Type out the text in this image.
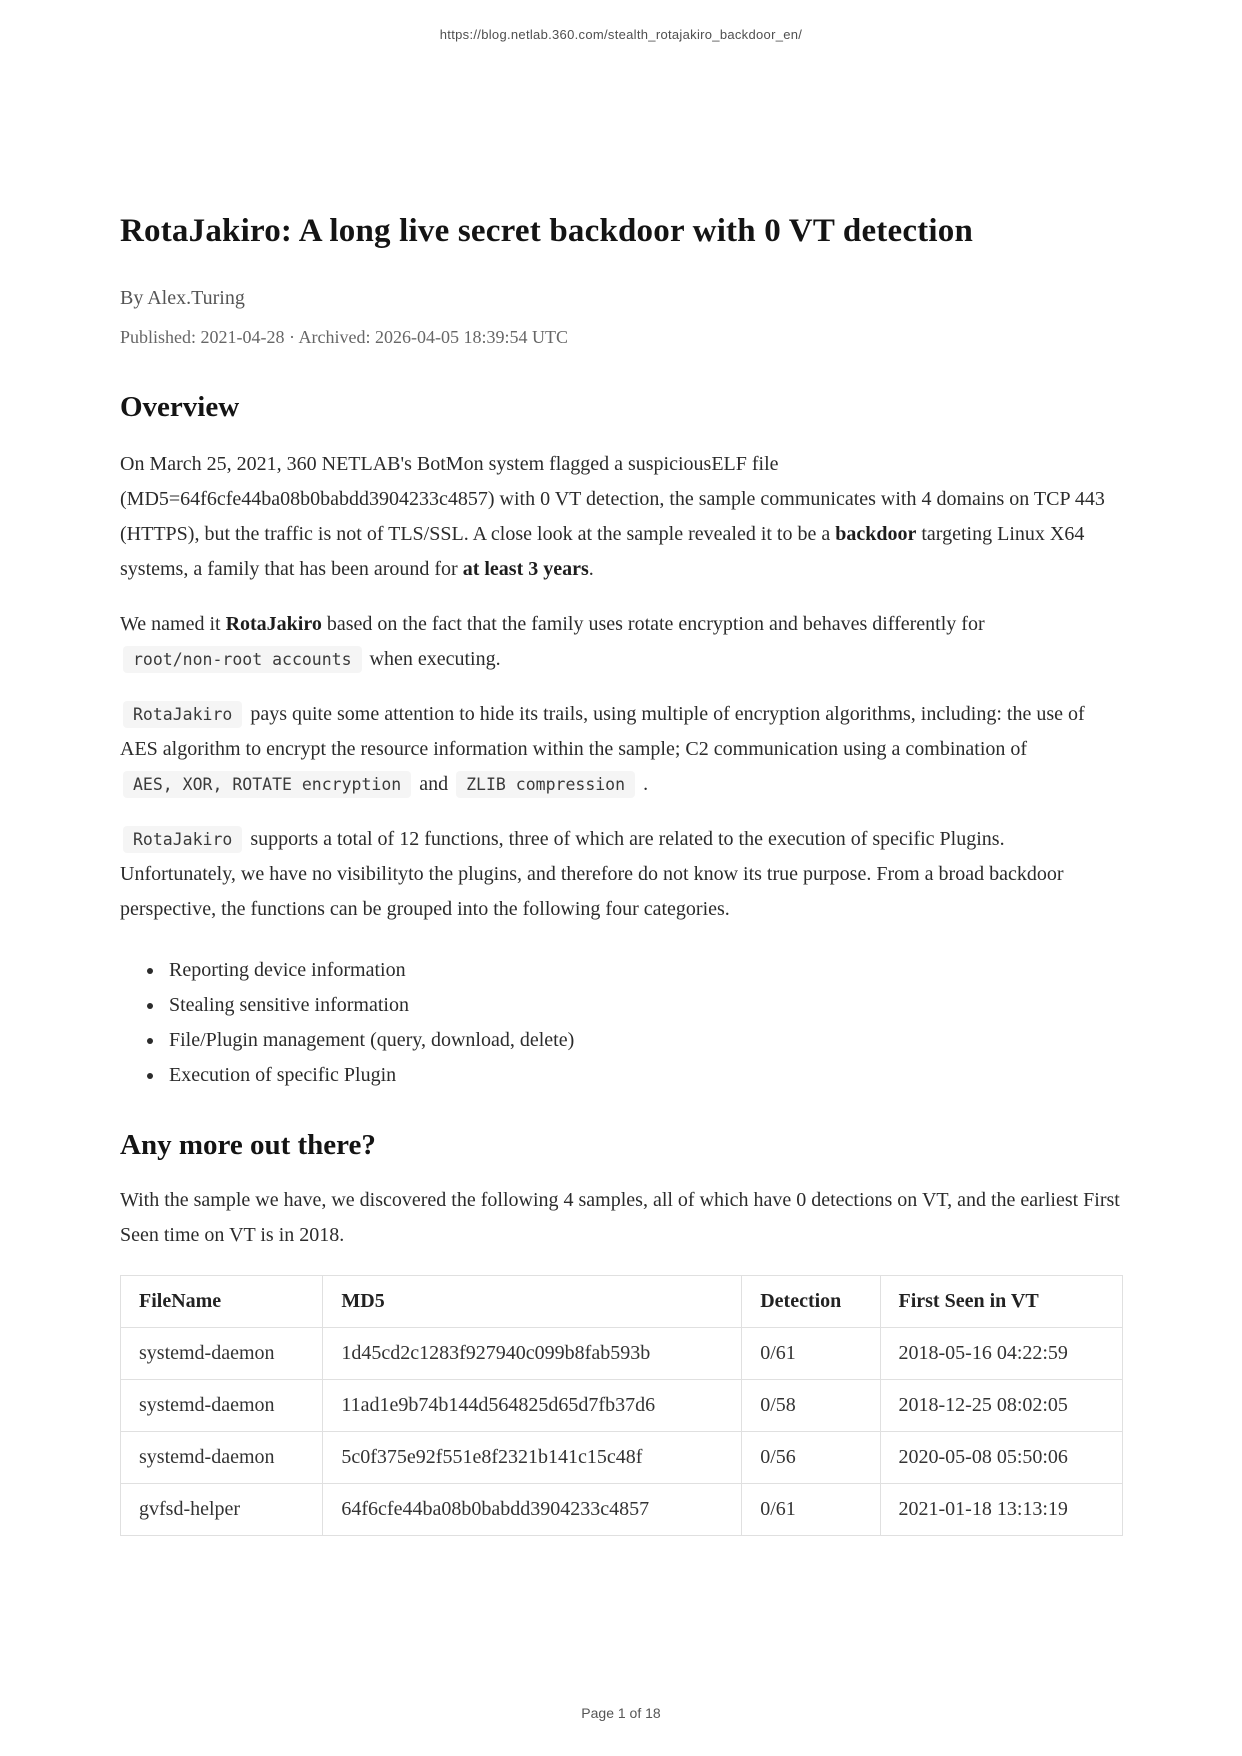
https://blog.netlab.360.com/stealth_rotajakiro_backdoor_en/
RotaJakiro: A long live secret backdoor with 0 VT detection
By Alex.Turing
Published: 2021-04-28 · Archived: 2026-04-05 18:39:54 UTC
Overview

On March 25, 2021, 360 NETLAB's BotMon system flagged a suspiciousELF file (MD5=64f6cfe44ba08b0babdd3904233c4857) with 0 VT detection, the sample communicates with 4 domains on TCP 443 (HTTPS), but the traffic is not of TLS/SSL. A close look at the sample revealed it to be a backdoor targeting Linux X64 systems, a family that has been around for at least 3 years.

We named it RotaJakiro based on the fact that the family uses rotate encryption and behaves differently for root/non-root accounts when executing.

RotaJakiro pays quite some attention to hide its trails, using multiple of encryption algorithms, including: the use of AES algorithm to encrypt the resource information within the sample; C2 communication using a combination of AES, XOR, ROTATE encryption and ZLIB compression .

RotaJakiro supports a total of 12 functions, three of which are related to the execution of specific Plugins. Unfortunately, we have no visibilityto the plugins, and therefore do not know its true purpose. From a broad backdoor perspective, the functions can be grouped into the following four categories.

• Reporting device information
• Stealing sensitive information
• File/Plugin management (query, download, delete)
• Execution of specific Plugin
Any more out there?

With the sample we have, we discovered the following 4 samples, all of which have 0 detections on VT, and the earliest First Seen time on VT is in 2018.

FileName	MD5	Detection	First Seen in VT
systemd-daemon	1d45cd2c1283f927940c099b8fab593b	0/61	2018-05-16 04:22:59
systemd-daemon	11ad1e9b74b144d564825d65d7fb37d6	0/58	2018-12-25 08:02:05
systemd-daemon	5c0f375e92f551e8f2321b141c15c48f	0/56	2020-05-08 05:50:06
gvfsd-helper	64f6cfe44ba08b0babdd3904233c4857	0/61	2021-01-18 13:13:19
Page 1 of 18
